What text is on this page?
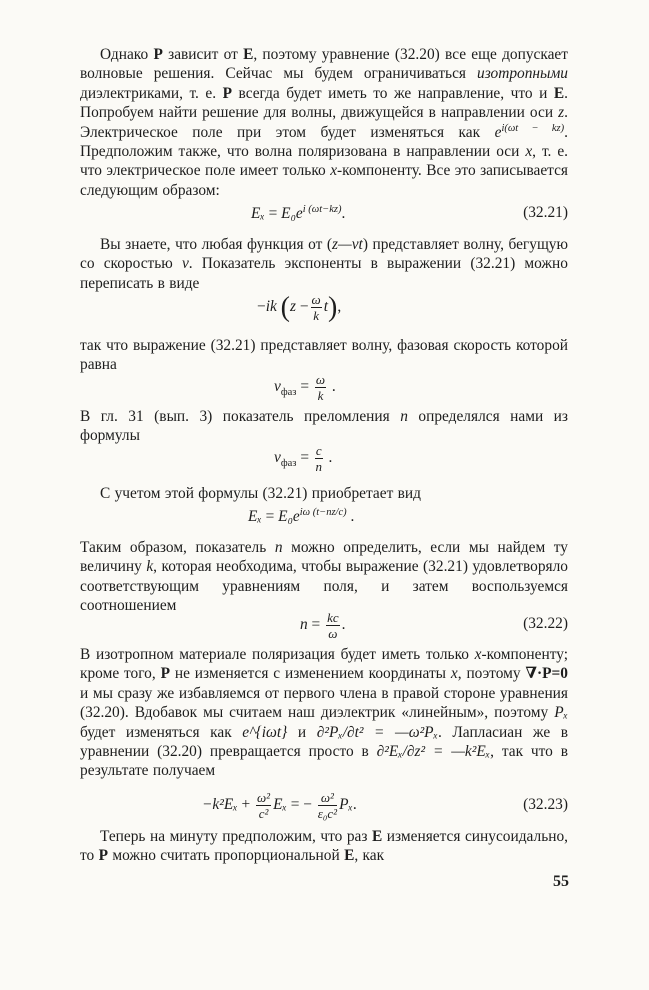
Однако P зависит от E, поэтому уравнение (32.20) все еще допускает волновые решения. Сейчас мы будем ограничиваться изотропными диэлектриками, т. е. P всегда будет иметь то же направление, что и E. Попробуем найти решение для волны, движущейся в направлении оси z. Электрическое поле при этом будет изменяться как $e^{i(\omega t - kz)}$. Предположим также, что волна поляризована в направлении оси x, т. е. что электрическое поле имеет только x-компоненту. Все это записывается следующим образом:

$E_x = E_0e^{i (\omega t-kz)}$.	(32.21)

Вы знаете, что любая функция от (z—vt) представляет волну, бегущую со скоростью v. Показатель экспоненты в выражении (32.21) можно переписать в виде

−ik $(z - \frac{\omega}{k} t)$,

так что выражение (32.21) представляет волну, фазовая скорость которой равна

$v_{фаз} = \frac{\omega}{k}$ .

В гл. 31 (вып. 3) показатель преломления n определялся нами из формулы

$v_{фаз} = \frac{c}{n}$ .

С учетом этой формулы (32.21) приобретает вид

$E_x = E_0e^{i\omega (t-nz/c)}$ .

Таким образом, показатель n можно определить, если мы найдем ту величину k, которая необходима, чтобы выражение (32.21) удовлетворяло соответствующим уравнениям поля, и затем воспользуемся соотношением

$n = \frac{kc}{\omega}$ .	(32.22)

В изотропном материале поляризация будет иметь только x-компоненту; кроме того, P не изменяется с изменением координаты x, поэтому ∇·P=0 и мы сразу же избавляемся от первого члена в правой стороне уравнения (32.20). Вдобавок мы считаем наш диэлектрик «линейным», поэтому Pₓ будет изменяться как e^{iωt} и ∂²Pₓ/∂t² = —ω²Pₓ. Лапласиан же в уравнении (32.20) превращается просто в ∂²Eₓ/∂z² = —k²Eₓ, так что в результате получаем

$-k^2E_x + \frac{\text{ω²}}{\text{c²}}$ Eₓ = − $\frac{\text{ω²}}{\text{ε₀c²}} P_x$.	(32.23)

Теперь на минуту предположим, что раз E изменяется синусоидально, то P можно считать пропорциональной E, как

55
